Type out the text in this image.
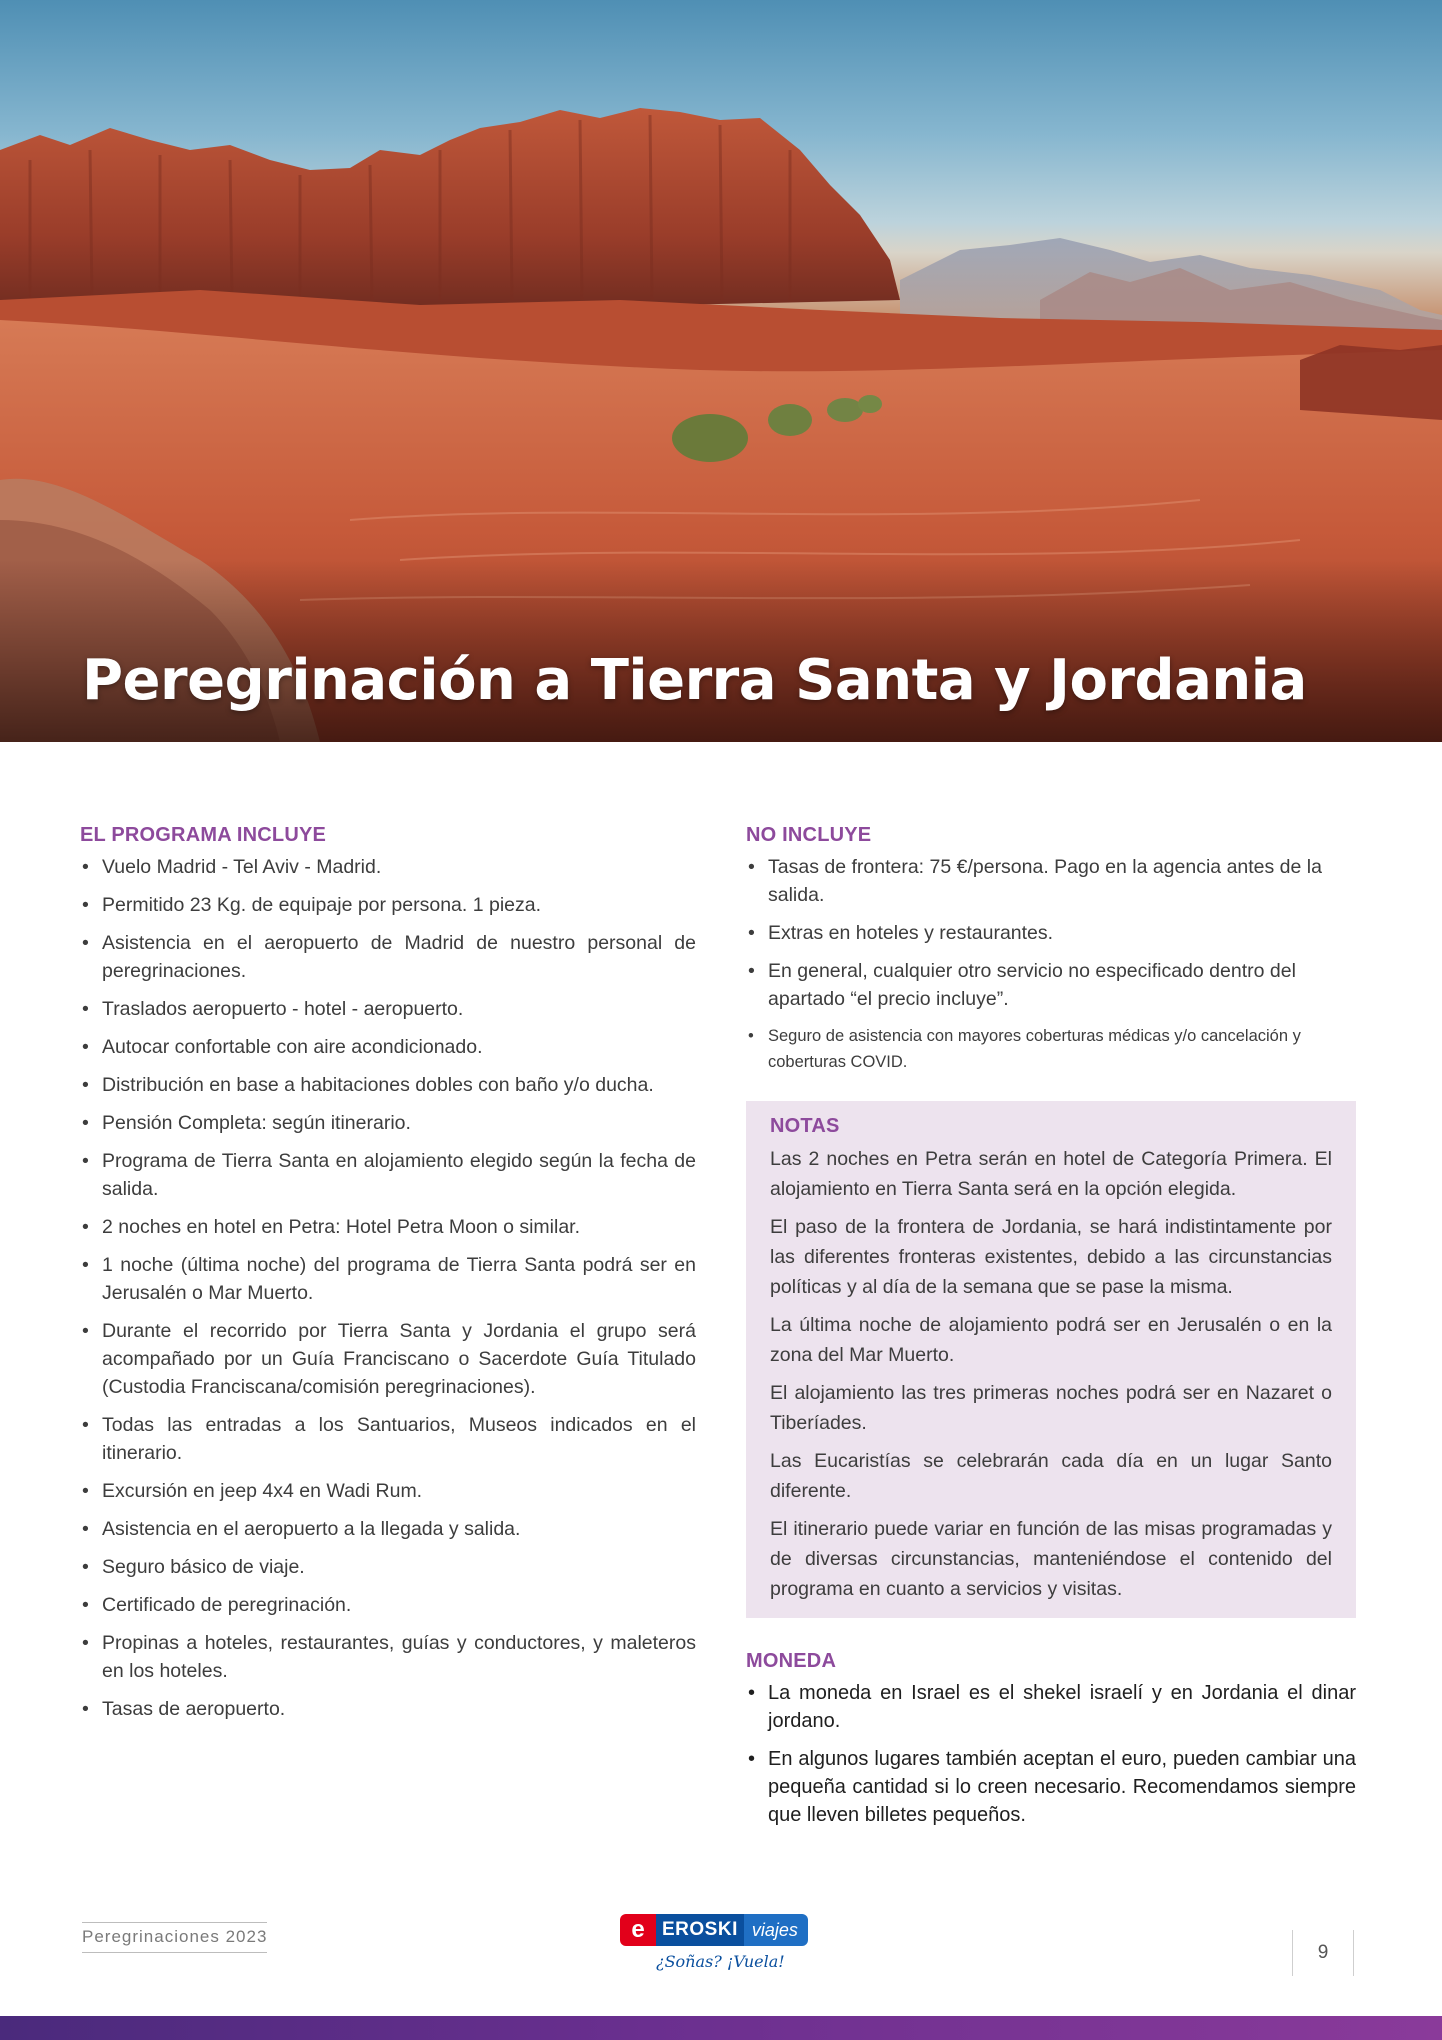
Peregrinación a Tierra Santa y Jordania
EL PROGRAMA INCLUYE
• Vuelo Madrid - Tel Aviv - Madrid.
• Permitido 23 Kg. de equipaje por persona. 1 pieza.
• Asistencia en el aeropuerto de Madrid de nuestro personal de peregrinaciones.
• Traslados aeropuerto - hotel - aeropuerto.
• Autocar confortable con aire acondicionado.
• Distribución en base a habitaciones dobles con baño y/o ducha.
• Pensión Completa: según itinerario.
• Programa de Tierra Santa en alojamiento elegido según la fecha de salida.
• 2 noches en hotel en Petra: Hotel Petra Moon o similar.
• 1 noche (última noche) del programa de Tierra Santa podrá ser en Jerusalén o Mar Muerto.
• Durante el recorrido por Tierra Santa y Jordania el grupo será acompañado por un Guía Franciscano o Sacerdote Guía Titulado (Custodia Franciscana/comisión peregrinaciones).
• Todas las entradas a los Santuarios, Museos indicados en el itinerario.
• Excursión en jeep 4x4 en Wadi Rum.
• Asistencia en el aeropuerto a la llegada y salida.
• Seguro básico de viaje.
• Certificado de peregrinación.
• Propinas a hoteles, restaurantes, guías y conductores, y maleteros en los hoteles.
• Tasas de aeropuerto.
NO INCLUYE
• Tasas de frontera: 75 €/persona. Pago en la agencia antes de la salida.
• Extras en hoteles y restaurantes.
• En general, cualquier otro servicio no especificado dentro del apartado “el precio incluye”.
• Seguro de asistencia con mayores coberturas médicas y/o cancelación y coberturas COVID.
NOTAS

Las 2 noches en Petra serán en hotel de Categoría Primera. El alojamiento en Tierra Santa será en la opción elegida.

El paso de la frontera de Jordania, se hará indistintamente por las diferentes fronteras existentes, debido a las circunstancias políticas y al día de la semana que se pase la misma.

La última noche de alojamiento podrá ser en Jerusalén o en la zona del Mar Muerto.

El alojamiento las tres primeras noches podrá ser en Nazaret o Tiberíades.

Las Eucaristías se celebrarán cada día en un lugar Santo diferente.

El itinerario puede variar en función de las misas programadas y de diversas circunstancias, manteniéndose el contenido del programa en cuanto a servicios y visitas.

MONEDA
• La moneda en Israel es el shekel israelí y en Jordania el dinar jordano.
• En algunos lugares también aceptan el euro, pueden cambiar una pequeña cantidad si lo creen necesario. Recomendamos siempre que lleven billetes pequeños.
Peregrinaciones 2023	e EROSKI viajes
¿Soñas? ¡Vuela!	9
